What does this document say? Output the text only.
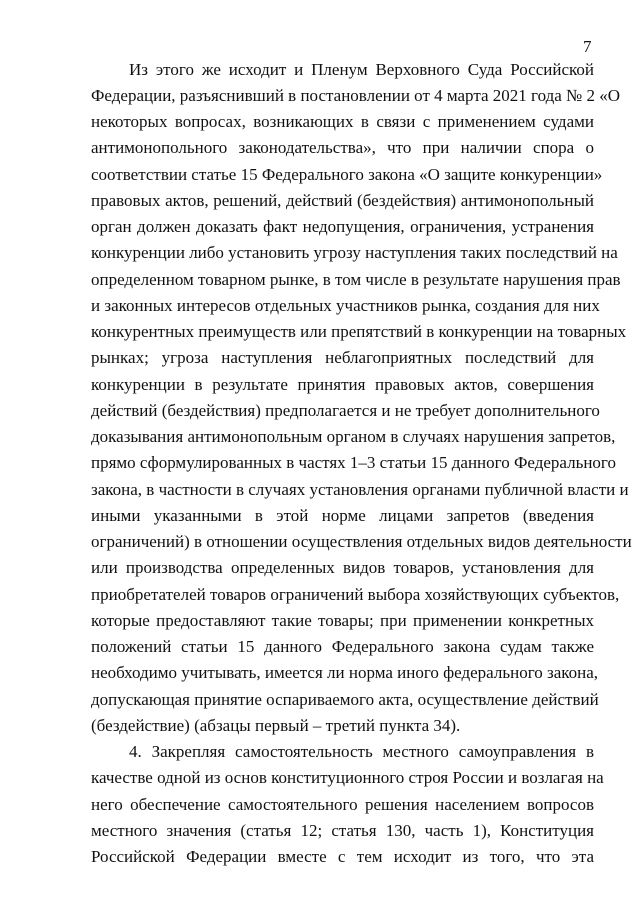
7
Из этого же исходит и Пленум Верховного Суда Российской
Федерации, разъяснивший в постановлении от 4 марта 2021 года № 2 «О
некоторых вопросах, возникающих в связи с применением судами
антимонопольного законодательства», что при наличии спора о
соответствии статье 15 Федерального закона «О защите конкуренции»
правовых актов, решений, действий (бездействия) антимонопольный
орган должен доказать факт недопущения, ограничения, устранения
конкуренции либо установить угрозу наступления таких последствий на
определенном товарном рынке, в том числе в результате нарушения прав
и законных интересов отдельных участников рынка, создания для них
конкурентных преимуществ или препятствий в конкуренции на товарных
рынках; угроза наступления неблагоприятных последствий для
конкуренции в результате принятия правовых актов, совершения
действий (бездействия) предполагается и не требует дополнительного
доказывания антимонопольным органом в случаях нарушения запретов,
прямо сформулированных в частях 1–3 статьи 15 данного Федерального
закона, в частности в случаях установления органами публичной власти и
иными указанными в этой норме лицами запретов (введения
ограничений) в отношении осуществления отдельных видов деятельности
или производства определенных видов товаров, установления для
приобретателей товаров ограничений выбора хозяйствующих субъектов,
которые предоставляют такие товары; при применении конкретных
положений статьи 15 данного Федерального закона судам также
необходимо учитывать, имеется ли норма иного федерального закона,
допускающая принятие оспариваемого акта, осуществление действий
(бездействие) (абзацы первый – третий пункта 34).
4. Закрепляя самостоятельность местного самоуправления в
качестве одной из основ конституционного строя России и возлагая на
него обеспечение самостоятельного решения населением вопросов
местного значения (статья 12; статья 130, часть 1), Конституция
Российской Федерации вместе с тем исходит из того, что эта
